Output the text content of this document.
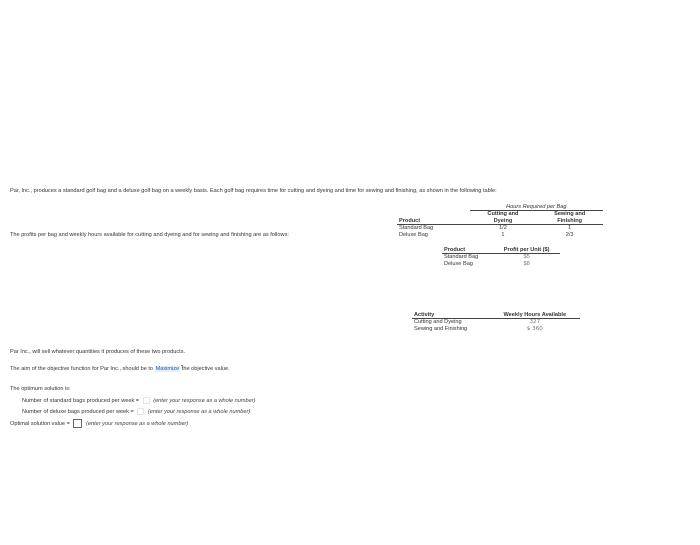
Par, Inc., produces a standard golf bag and a deluxe golf bag on a weekly basis. Each golf bag requires time for cutting and dyeing and time for sewing and finishing, as shown in the following table:
	Hours Required per Bag	
	Cutting and	Sewing and
Product	Dyeing	Finishing
Standard Bag	1/2	1
Deluxe Bag	1	2/3
The profits per bag and weekly hours available for cutting and dyeing and for sewing and finishing are as follows:
Product	Profit per Unit ($)
Standard Bag	$5
Deluxe Bag	$8
Activity	Weekly Hours Available
Cutting and Dyeing	327
Sewing and Finishing	$ 360
Par Inc., will sell whatever quantities it produces of these two products.
The aim of the objective function for Par Inc., should be to Maximize the objective value.
The optimum solution is:
Number of standard bags produced per week =	(enter your response as a whole number)
Number of deluxe bags produced per week =	(enter your response as a whole number)
Optimal solution value =	(enter your response as a whole number)
